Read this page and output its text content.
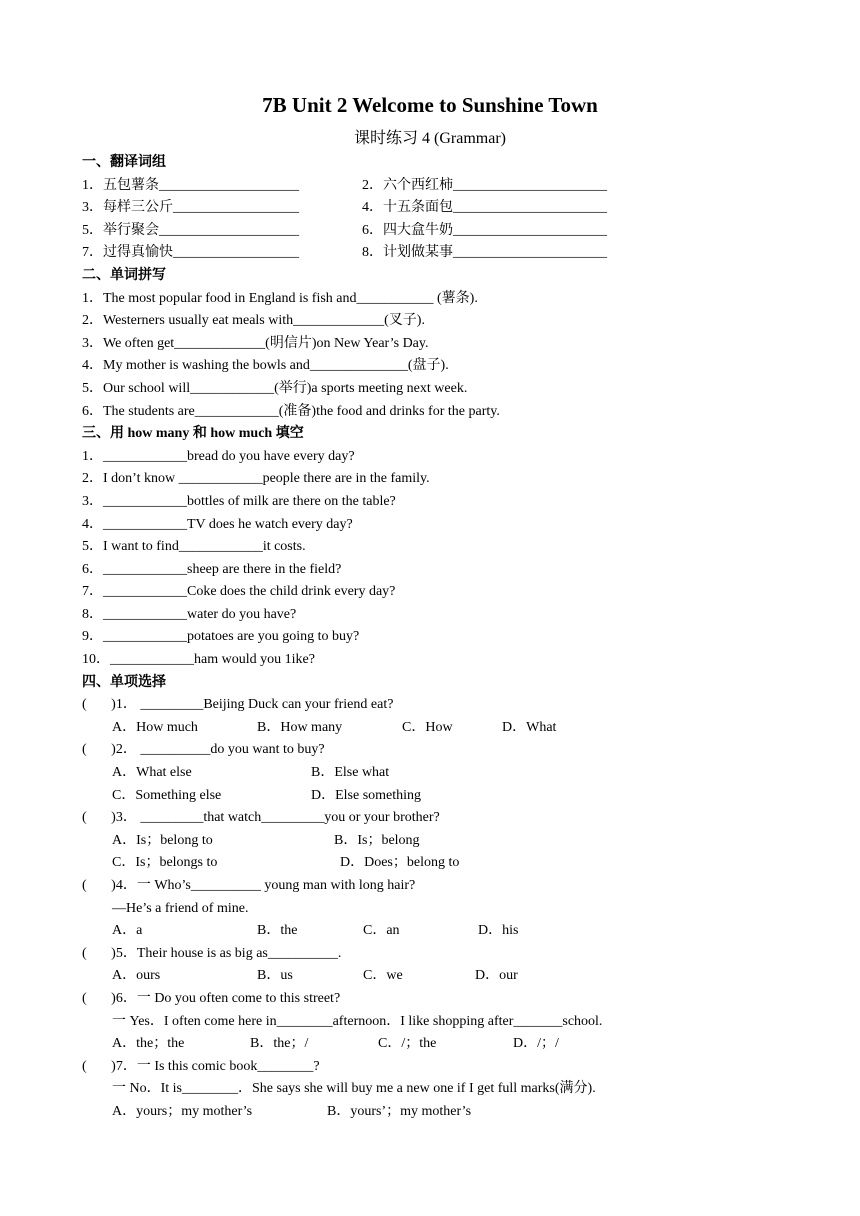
7B Unit 2 Welcome to Sunshine Town
课时练习 4 (Grammar)
一、翻译词组

1．五包薯条____________________

	2．六个西红柿______________________

3．每样三公斤__________________

	4．十五条面包______________________

5．举行聚会____________________

	6．四大盒牛奶______________________

7．过得真愉快__________________

	8．计划做某事______________________

二、单词拼写
1．The most popular food in England is fish and___________ (薯条).
2．Westerners usually eat meals with_____________(叉子).
3．We often get_____________(明信片)on New Year’s Day.
4．My mother is washing the bowls and______________(盘子).
5．Our school will____________(举行)a sports meeting next week.
6．The students are____________(准备)the food and drinks for the party.
三、用 how many 和 how much 填空
1．____________bread do you have every day?
2．I don’t know ____________people there are in the family.
3．____________bottles of milk are there on the table?
4．____________TV does he watch every day?
5．I want to find____________it costs.
6．____________sheep are there in the field?
7．____________Coke does the child drink every day?
8．____________water do you have?
9．____________potatoes are you going to buy?
10．____________ham would you 1ike?
四、单项选择
(       )1． _________Beijing Duck can your friend eat?

A．How much

	B．How many

	C．How

	D．What

(       )2． __________do you want to buy?

A．What else

	B．Else what

C．Something else

	D．Else something

(       )3． _________that watch_________you or your brother?

A．Is；belong to

	B．Is；belong

C．Is；belongs to

	D．Does；belong to

(       )4．一 Who’s__________ young man with long hair?
—He’s a friend of mine.

A．a

	B．the

	C．an

	D．his

(       )5．Their house is as big as__________.

A．ours

	B．us

	C．we

	D．our

(       )6．一 Do you often come to this street?
一 Yes．I often come here in________afternoon．I like shopping after_______school.

A．the；the

	B．the；/

	C．/；the

	D．/；/

(       )7．一 Is this comic book________?
一 No．It is________．She says she will buy me a new one if I get full marks(满分).

A．yours；my mother’s

	B．yours’；my mother’s
